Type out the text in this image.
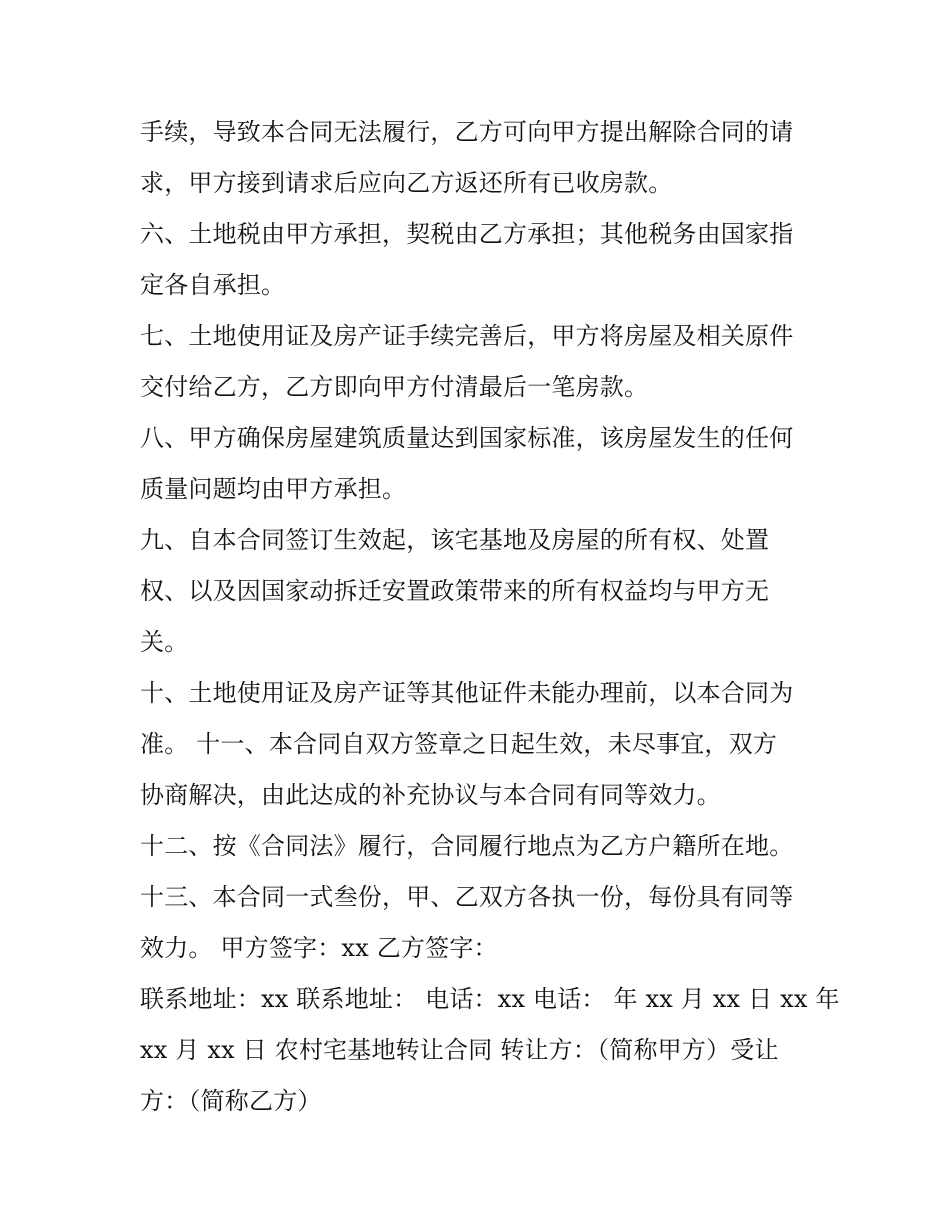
手续，导致本合同无法履行，乙方可向甲方提出解除合同的请
求，甲方接到请求后应向乙方返还所有已收房款。
六、土地税由甲方承担，契税由乙方承担；其他税务由国家指
定各自承担。
七、土地使用证及房产证手续完善后，甲方将房屋及相关原件
交付给乙方，乙方即向甲方付清最后一笔房款。
八、甲方确保房屋建筑质量达到国家标准，该房屋发生的任何
质量问题均由甲方承担。
九、自本合同签订生效起，该宅基地及房屋的所有权、处置
权、以及因国家动拆迁安置政策带来的所有权益均与甲方无
关。
十、土地使用证及房产证等其他证件未能办理前，以本合同为
准。 十一、本合同自双方签章之日起生效，未尽事宜，双方
协商解决，由此达成的补充协议与本合同有同等效力。
十二、按《合同法》履行，合同履行地点为乙方户籍所在地。
十三、本合同一式叁份，甲、乙双方各执一份，每份具有同等
效力。 甲方签字：xx 乙方签字：
联系地址：xx 联系地址： 电话：xx 电话： 年 xx 月 xx 日 xx 年
xx 月 xx 日 农村宅基地转让合同 转让方：（简称甲方）受让
方：（简称乙方）
